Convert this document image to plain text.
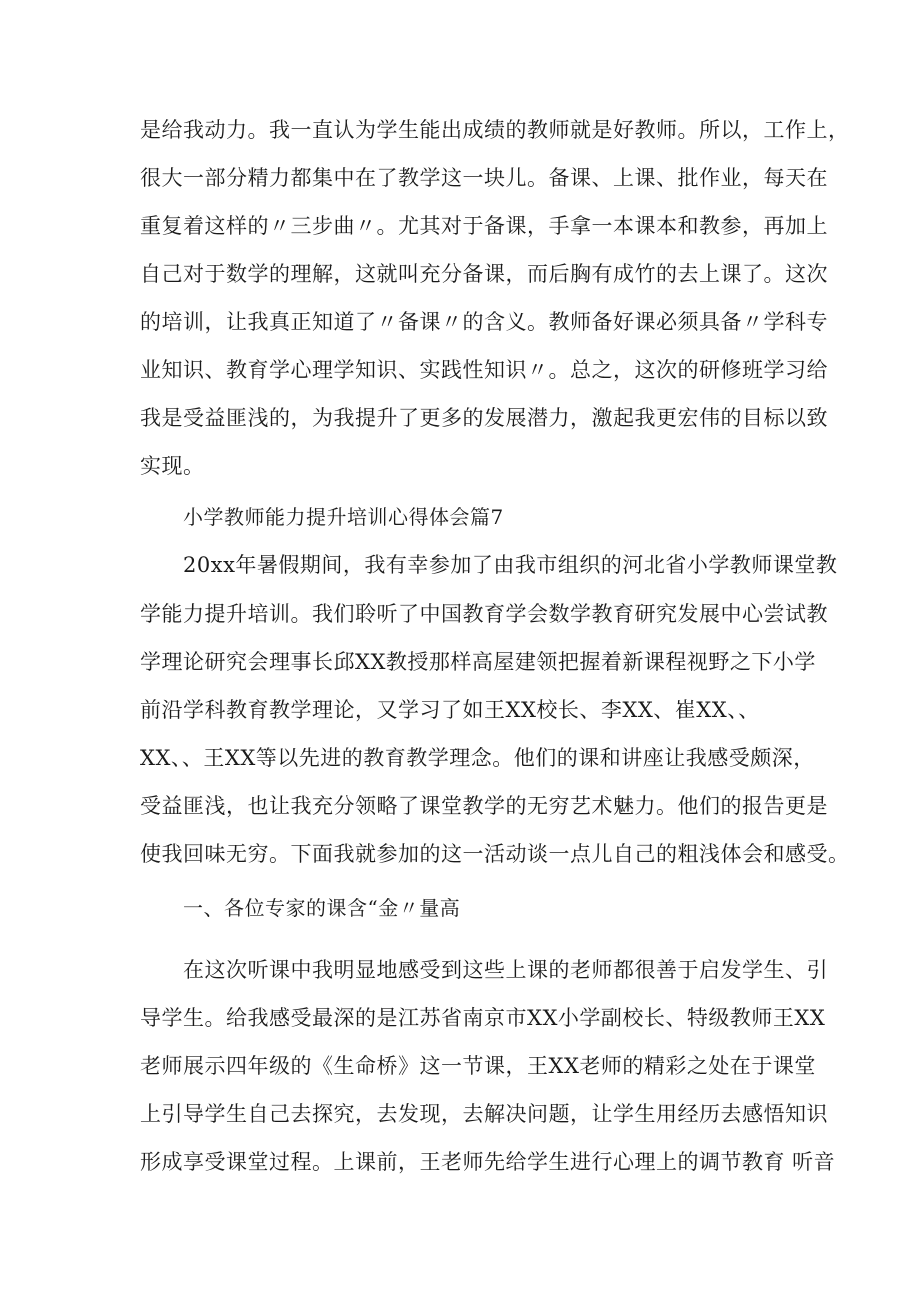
是给我动力。我一直认为学生能出成绩的教师就是好教师。所以，工作上，
很大一部分精力都集中在了教学这一块儿。备课、上课、批作业，每天在
重复着这样的〃三步曲〃。尤其对于备课，手拿一本课本和教参，再加上
自己对于数学的理解，这就叫充分备课，而后胸有成竹的去上课了。这次
的培训，让我真正知道了〃备课〃的含义。教师备好课必须具备〃学科专
业知识、教育学心理学知识、实践性知识〃。总之，这次的研修班学习给
我是受益匪浅的，为我提升了更多的发展潜力，激起我更宏伟的目标以致
实现。
小学教师能力提升培训心得体会篇7
20xx年暑假期间，我有幸参加了由我市组织的河北省小学教师课堂教
学能力提升培训。我们聆听了中国教育学会数学教育研究发展中心尝试教
学理论研究会理事长邱XX教授那样高屋建领把握着新课程视野之下小学
前沿学科教育教学理论，又学习了如王XX校长、李XX、崔XX、、
XX、、王XX等以先进的教育教学理念。他们的课和讲座让我感受颇深，
受益匪浅，也让我充分领略了课堂教学的无穷艺术魅力。他们的报告更是
使我回味无穷。下面我就参加的这一活动谈一点儿自己的粗浅体会和感受。
一、各位专家的课含“金〃量高
在这次听课中我明显地感受到这些上课的老师都很善于启发学生、引
导学生。给我感受最深的是江苏省南京市XX小学副校长、特级教师王XX
老师展示四年级的《生命桥》这一节课，王XX老师的精彩之处在于课堂
上引导学生自己去探究，去发现，去解决问题，让学生用经历去感悟知识
形成享受课堂过程。上课前，王老师先给学生进行心理上的调节教育 听音
